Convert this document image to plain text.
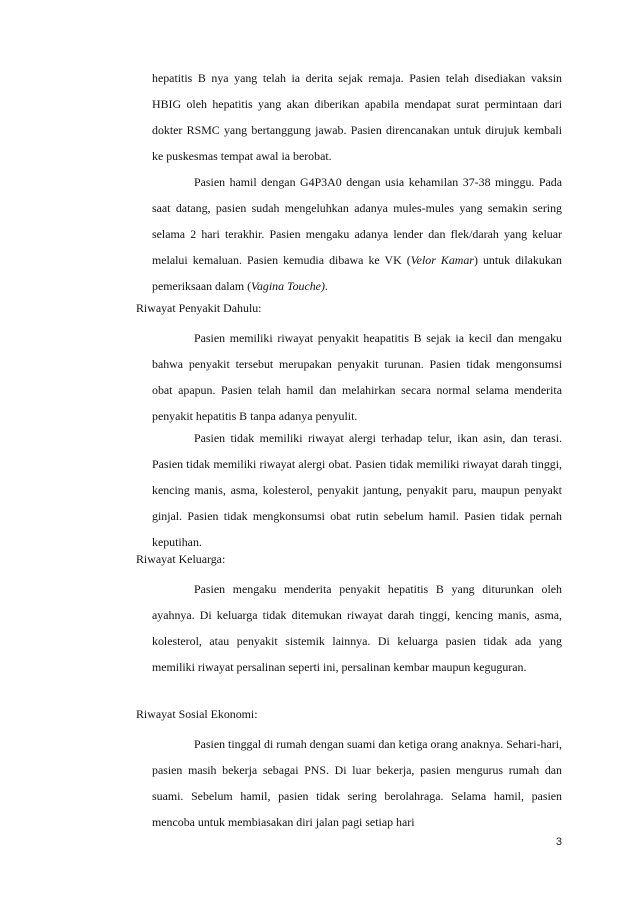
hepatitis B nya yang telah ia derita sejak remaja. Pasien telah disediakan vaksin HBIG oleh hepatitis yang akan diberikan apabila mendapat surat permintaan dari dokter RSMC yang bertanggung jawab. Pasien direncanakan untuk dirujuk kembali ke puskesmas tempat awal ia berobat.

Pasien hamil dengan G4P3A0 dengan usia kehamilan 37-38 minggu. Pada saat datang, pasien sudah mengeluhkan adanya mules-mules yang semakin sering selama 2 hari terakhir. Pasien mengaku adanya lender dan flek/darah yang keluar melalui kemaluan. Pasien kemudia dibawa ke VK (Velor Kamar) untuk dilakukan pemeriksaan dalam (Vagina Touche).

Riwayat Penyakit Dahulu:

Pasien memiliki riwayat penyakit heapatitis B sejak ia kecil dan mengaku bahwa penyakit tersebut merupakan penyakit turunan. Pasien tidak mengonsumsi obat apapun. Pasien telah hamil dan melahirkan secara normal selama menderita penyakit hepatitis B tanpa adanya penyulit.

Pasien tidak memiliki riwayat alergi terhadap telur, ikan asin, dan terasi. Pasien tidak memiliki riwayat alergi obat. Pasien tidak memiliki riwayat darah tinggi, kencing manis, asma, kolesterol, penyakit jantung, penyakit paru, maupun penyakt ginjal. Pasien tidak mengkonsumsi obat rutin sebelum hamil. Pasien tidak pernah keputihan.

Riwayat Keluarga:

Pasien mengaku menderita penyakit hepatitis B yang diturunkan oleh ayahnya. Di keluarga tidak ditemukan riwayat darah tinggi, kencing manis, asma, kolesterol, atau penyakit sistemik lainnya. Di keluarga pasien tidak ada yang memiliki riwayat persalinan seperti ini, persalinan kembar maupun keguguran.

Riwayat Sosial Ekonomi:

Pasien tinggal di rumah dengan suami dan ketiga orang anaknya. Sehari-hari, pasien masih bekerja sebagai PNS. Di luar bekerja, pasien mengurus rumah dan suami. Sebelum hamil, pasien tidak sering berolahraga. Selama hamil, pasien mencoba untuk membiasakan diri jalan pagi setiap hari

3
